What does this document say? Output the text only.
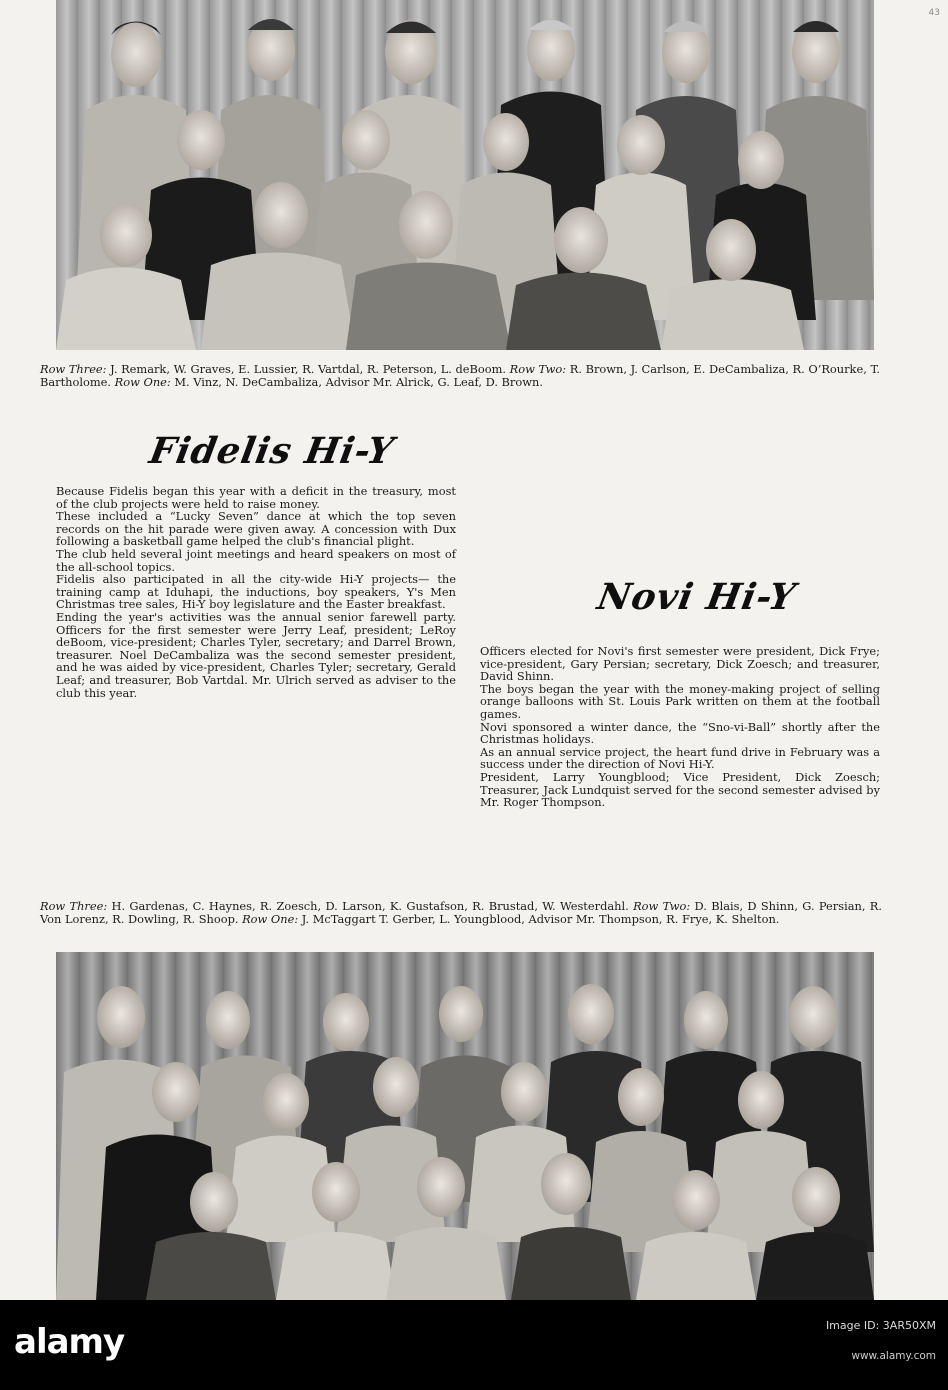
43

Row Three: J. Remark, W. Graves, E. Lussier, R. Vartdal, R. Peterson, L. deBoom. Row Two: R. Brown, J. Carlson, E. DeCambaliza, R. O’Rourke, T. Bartholome. Row One: M. Vinz, N. DeCambaliza, Advisor Mr. Alrick, G. Leaf, D. Brown.

Fidelis Hi-Y

Because Fidelis began this year with a deficit in the treasury, most of the club projects were held to raise money.

These included a “Lucky Seven” dance at which the top seven records on the hit parade were given away. A concession with Dux following a basketball game helped the club's financial plight.

The club held several joint meetings and heard speakers on most of the all-school topics.

Fidelis also participated in all the city-wide Hi-Y projects— the training camp at Iduhapi, the inductions, boy speakers, Y's Men Christmas tree sales, Hi-Y boy legislature and the Easter breakfast.

Ending the year's activities was the annual senior farewell party. Officers for the first semester were Jerry Leaf, president; LeRoy deBoom, vice-president; Charles Tyler, secretary; and Darrel Brown, treasurer. Noel DeCambaliza was the second semester president, and he was aided by vice-president, Charles Tyler; secretary, Gerald Leaf; and treasurer, Bob Vartdal. Mr. Ulrich served as adviser to the club this year.

Novi Hi-Y

Officers elected for Novi's first semester were president, Dick Frye; vice-president, Gary Persian; secretary, Dick Zoesch; and treasurer, David Shinn.

The boys began the year with the money-making project of selling orange balloons with St. Louis Park written on them at the football games.

Novi sponsored a winter dance, the “Sno-vi-Ball” shortly after the Christmas holidays.

As an annual service project, the heart fund drive in February was a success under the direction of Novi Hi-Y.

President, Larry Youngblood; Vice President, Dick Zoesch; Treasurer, Jack Lundquist served for the second semester advised by Mr. Roger Thompson.

Row Three: H. Gardenas, C. Haynes, R. Zoesch, D. Larson, K. Gustafson, R. Brustad, W. Westerdahl. Row Two: D. Blais, D Shinn, G. Persian, R. Von Lorenz, R. Dowling, R. Shoop. Row One: J. McTaggart T. Gerber, L. Youngblood, Advisor Mr. Thompson, R. Frye, K. Shelton.

alamy	Image ID: 3AR50XM
www.alamy.com
